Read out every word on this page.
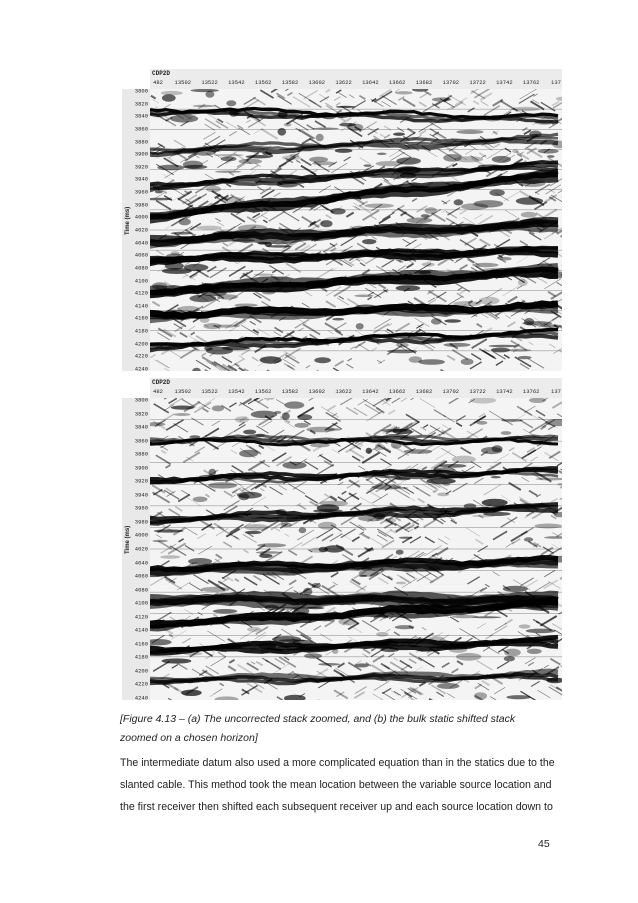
CDP2D
482 13502 13522 13542 13562 13582 13602 13622 13642 13662 13682 13702 13722 13742 13762 137
Time (ms)
3800
3820
3840
3860
3880
3900
3920
3940
3960
3980
4000
4020
4040
4060
4080
4100
4120
4140
4160
4180
4200
4220
4240
CDP2D
482 13502 13522 13542 13562 13582 13602 13622 13642 13662 13682 13702 13722 13742 13762 137
Time (ms)
3800
3820
3840
3860
3880
3900
3920
3940
3960
3980
4000
4020
4040
4060
4080
4100
4120
4140
4160
4180
4200
4220
4240
[Figure 4.13 – (a) The uncorrected stack zoomed, and (b) the bulk static shifted stack
zoomed on a chosen horizon]

The intermediate datum also used a more complicated equation than in the statics due to the

slanted cable. This method took the mean location between the variable source location and

the first receiver then shifted each subsequent receiver up and each source location down to

45
